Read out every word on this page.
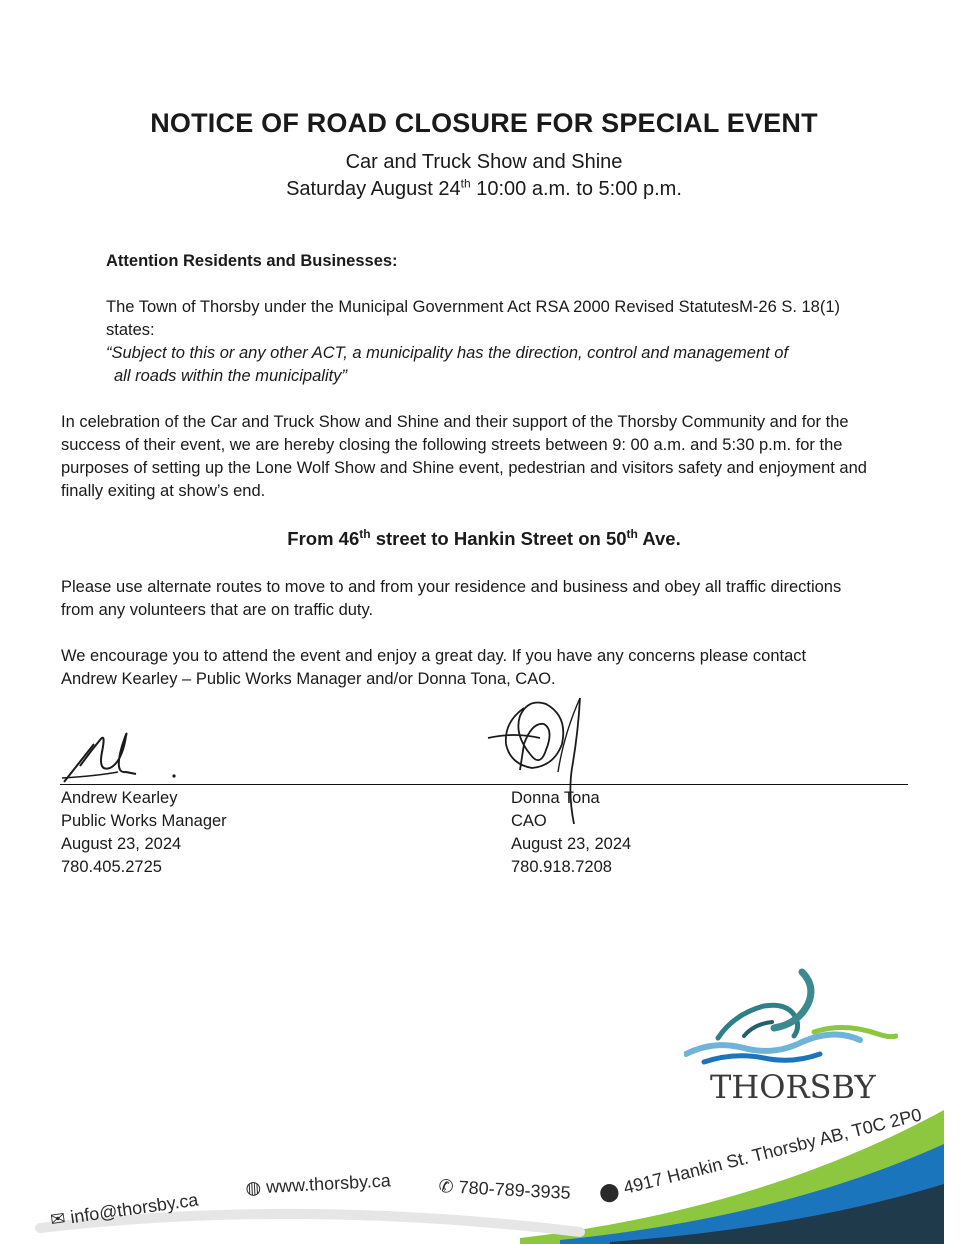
NOTICE OF ROAD CLOSURE FOR SPECIAL EVENT
Car and Truck Show and Shine
Saturday August 24th 10:00 a.m. to 5:00 p.m.
Attention Residents and Businesses:
The Town of Thorsby under the Municipal Government Act RSA 2000 Revised StatutesM-26 S. 18(1)
states:
“Subject to this or any other ACT, a municipality has the direction, control and management of
all roads within the municipality”
In celebration of the Car and Truck Show and Shine and their support of the Thorsby Community and for the
success of their event, we are hereby closing the following streets between 9: 00 a.m. and 5:30 p.m. for the
purposes of setting up the Lone Wolf Show and Shine event, pedestrian and visitors safety and enjoyment and
finally exiting at show’s end.
From 46th street to Hankin Street on 50th Ave.
Please use alternate routes to move to and from your residence and business and obey all traffic directions
from any volunteers that are on traffic duty.
We encourage you to attend the event and enjoy a great day. If you have any concerns please contact
Andrew Kearley – Public Works Manager and/or Donna Tona, CAO.
Andrew Kearley
Public Works Manager
August 23, 2024
780.405.2725
Donna Tona
CAO
August 23, 2024
780.918.7208
THORSBY
✉ info@thorsby.ca
◍ www.thorsby.ca	✆ 780-789-3935 ⬤ 4917 Hankin St. Thorsby AB, T0C 2P0
